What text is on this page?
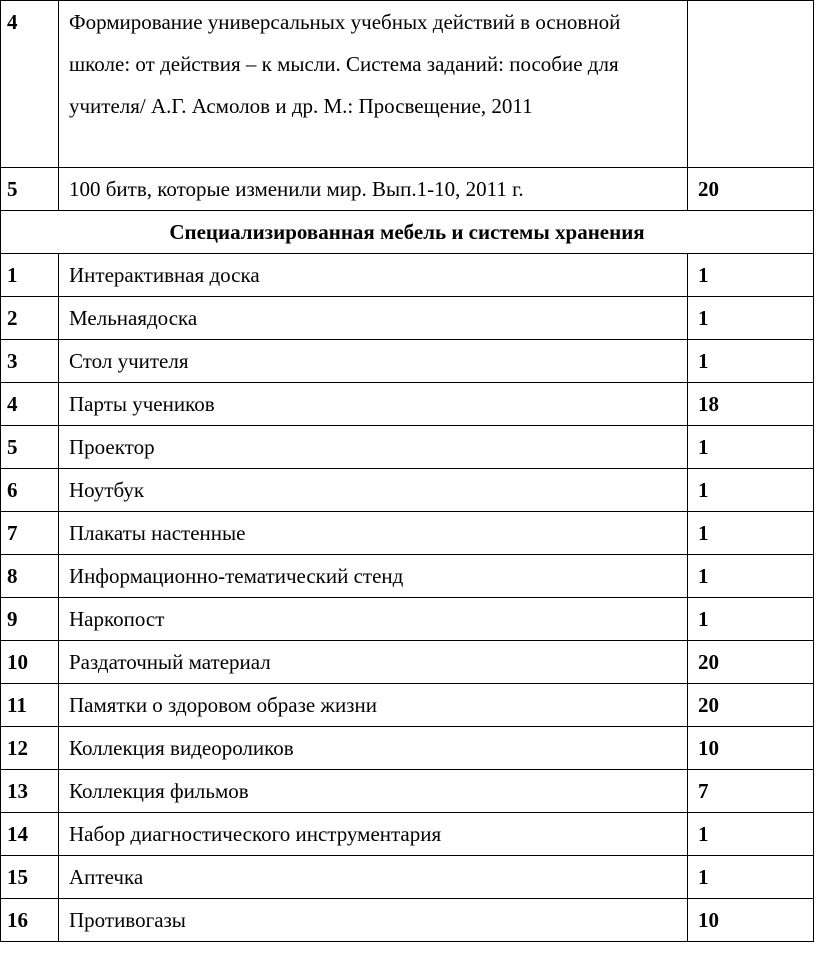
4	Формирование универсальных учебных действий в основной школе: от действия – к мысли. Система заданий: пособие для учителя/ А.Г. Асмолов и др. М.: Просвещение, 2011	
5	100 битв, которые изменили мир. Вып.1-10, 2011 г.	20
Специализированная мебель и системы хранения		
1	Интерактивная доска	1
2	Мельнаядоска	1
3	Стол учителя	1
4	Парты учеников	18
5	Проектор	1
6	Ноутбук	1
7	Плакаты настенные	1
8	Информационно-тематический стенд	1
9	Наркопост	1
10	Раздаточный материал	20
11	Памятки о здоровом образе жизни	20
12	Коллекция видеороликов	10
13	Коллекция фильмов	7
14	Набор диагностического инструментария	1
15	Аптечка	1
16	Противогазы	10
